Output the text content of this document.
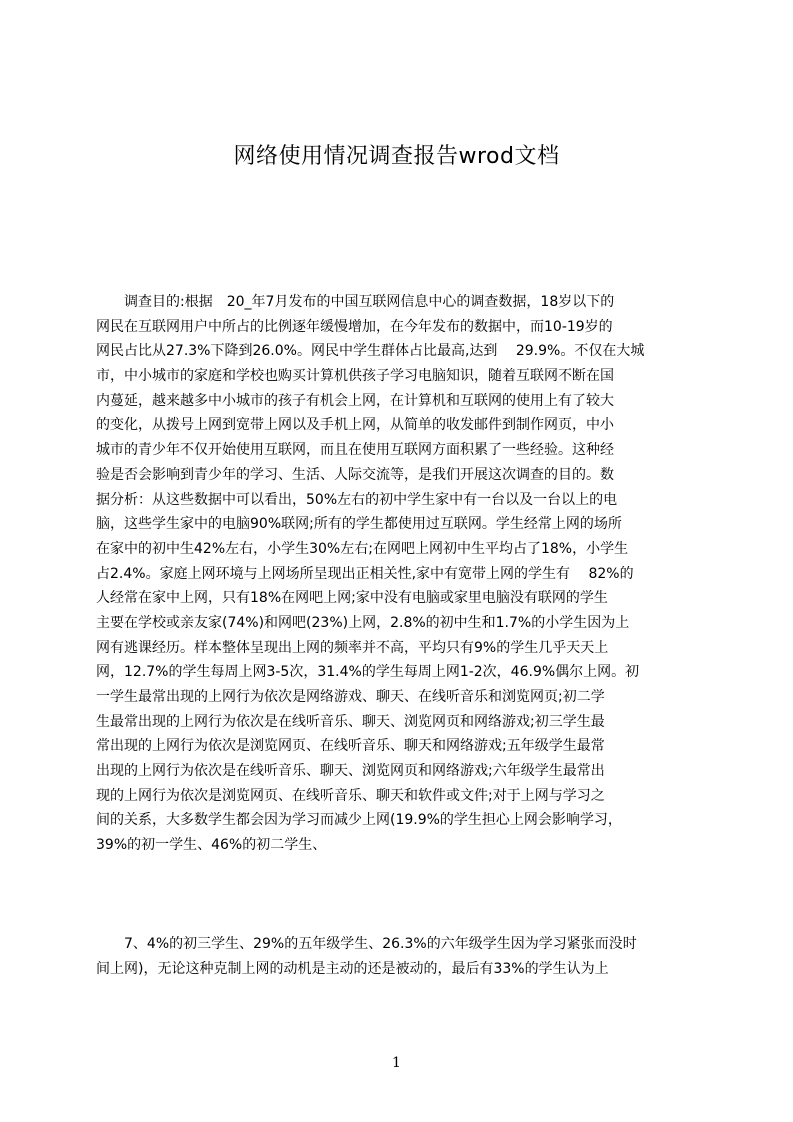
网络使用情况调查报告wrod文档
　　调查目的:根据　20_年7月发布的中国互联网信息中心的调查数据，18岁以下的
网民在互联网用户中所占的比例逐年缓慢增加，在今年发布的数据中，而10-19岁的
网民占比从27.3%下降到26.0%。网民中学生群体占比最高,达到　 29.9%。不仅在大城
市，中小城市的家庭和学校也购买计算机供孩子学习电脑知识，随着互联网不断在国
内蔓延，越来越多中小城市的孩子有机会上网，在计算机和互联网的使用上有了较大
的变化，从拨号上网到宽带上网以及手机上网，从简单的收发邮件到制作网页，中小
城市的青少年不仅开始使用互联网，而且在使用互联网方面积累了一些经验。这种经
验是否会影响到青少年的学习、生活、人际交流等，是我们开展这次调查的目的。数
据分析：从这些数据中可以看出，50%左右的初中学生家中有一台以及一台以上的电
脑，这些学生家中的电脑90%联网;所有的学生都使用过互联网。学生经常上网的场所
在家中的初中生42%左右，小学生30%左右;在网吧上网初中生平均占了18%，小学生
占2.4%。家庭上网环境与上网场所呈现出正相关性,家中有宽带上网的学生有　 82%的
人经常在家中上网，只有18%在网吧上网;家中没有电脑或家里电脑没有联网的学生
主要在学校或亲友家(74%)和网吧(23%)上网，2.8%的初中生和1.7%的小学生因为上
网有逃课经历。样本整体呈现出上网的频率并不高，平均只有9%的学生几乎天天上
网，12.7%的学生每周上网3-5次，31.4%的学生每周上网1-2次，46.9%偶尔上网。初
一学生最常出现的上网行为依次是网络游戏、聊天、在线听音乐和浏览网页;初二学
生最常出现的上网行为依次是在线听音乐、聊天、浏览网页和网络游戏;初三学生最
常出现的上网行为依次是浏览网页、在线听音乐、聊天和网络游戏;五年级学生最常
出现的上网行为依次是在线听音乐、聊天、浏览网页和网络游戏;六年级学生最常出
现的上网行为依次是浏览网页、在线听音乐、聊天和软件或文件;对于上网与学习之
间的关系，大多数学生都会因为学习而减少上网(19.9%的学生担心上网会影响学习，
39%的初一学生、46%的初二学生、
　　7、4%的初三学生、29%的五年级学生、26.3%的六年级学生因为学习紧张而没时
间上网)，无论这种克制上网的动机是主动的还是被动的，最后有33%的学生认为上
1
